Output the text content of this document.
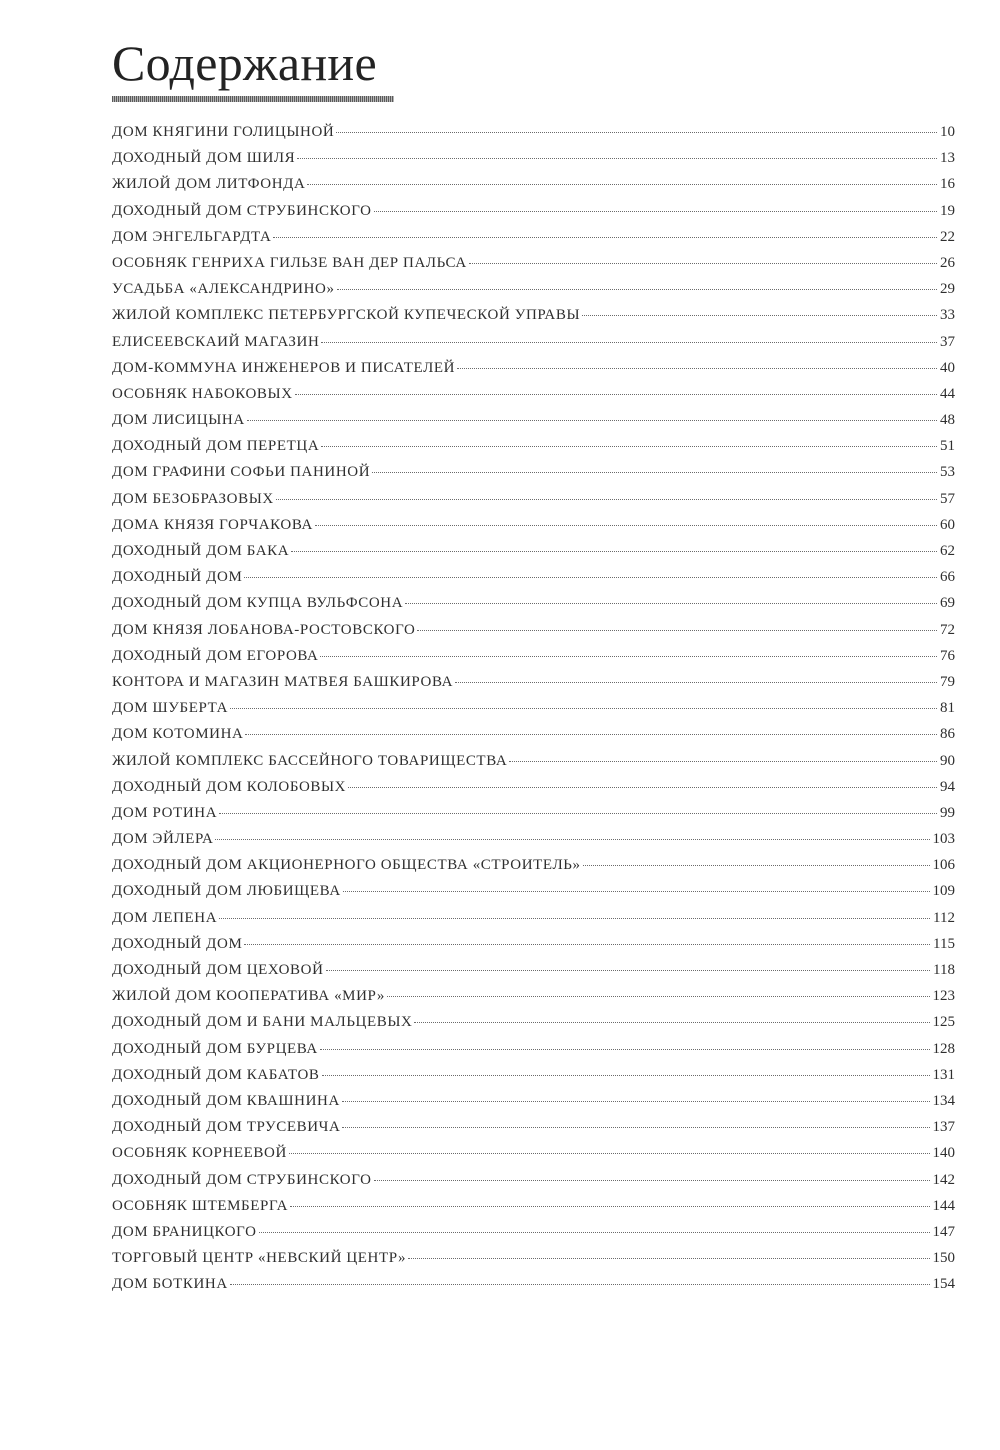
Содержание
ДОМ КНЯГИНИ ГОЛИЦЫНОЙ	10
ДОХОДНЫЙ ДОМ ШИЛЯ	13
ЖИЛОЙ ДОМ ЛИТФОНДА	16
ДОХОДНЫЙ ДОМ СТРУБИНСКОГО	19
ДОМ ЭНГЕЛЬГАРДТА	22
ОСОБНЯК ГЕНРИХА ГИЛЬЗЕ ВАН ДЕР ПАЛЬСА	26
УСАДЬБА «АЛЕКСАНДРИНО»	29
ЖИЛОЙ КОМПЛЕКС ПЕТЕРБУРГСКОЙ КУПЕЧЕСКОЙ УПРАВЫ	33
ЕЛИСЕЕВСКАИЙ МАГАЗИН	37
ДОМ-КОММУНА ИНЖЕНЕРОВ И ПИСАТЕЛЕЙ	40
ОСОБНЯК НАБОКОВЫХ	44
ДОМ ЛИСИЦЫНА	48
ДОХОДНЫЙ ДОМ ПЕРЕТЦА	51
ДОМ ГРАФИНИ СОФЬИ ПАНИНОЙ	53
ДОМ БЕЗОБРАЗОВЫХ	57
ДОМА КНЯЗЯ ГОРЧАКОВА	60
ДОХОДНЫЙ ДОМ БАКА	62
ДОХОДНЫЙ ДОМ	66
ДОХОДНЫЙ ДОМ КУПЦА ВУЛЬФСОНА	69
ДОМ КНЯЗЯ ЛОБАНОВА-РОСТОВСКОГО	72
ДОХОДНЫЙ ДОМ ЕГОРОВА	76
КОНТОРА И МАГАЗИН МАТВЕЯ БАШКИРОВА	79
ДОМ ШУБЕРТА	81
ДОМ КОТОМИНА	86
ЖИЛОЙ КОМПЛЕКС БАССЕЙНОГО ТОВАРИЩЕСТВА	90
ДОХОДНЫЙ ДОМ КОЛОБОВЫХ	94
ДОМ РОТИНА	99
ДОМ ЭЙЛЕРА	103
ДОХОДНЫЙ ДОМ АКЦИОНЕРНОГО ОБЩЕСТВА «СТРОИТЕЛЬ»	106
ДОХОДНЫЙ ДОМ ЛЮБИЩЕВА	109
ДОМ ЛЕПЕНА	112
ДОХОДНЫЙ ДОМ	115
ДОХОДНЫЙ ДОМ ЦЕХОВОЙ	118
ЖИЛОЙ ДОМ КООПЕРАТИВА «МИР»	123
ДОХОДНЫЙ ДОМ И БАНИ МАЛЬЦЕВЫХ	125
ДОХОДНЫЙ ДОМ БУРЦЕВА	128
ДОХОДНЫЙ ДОМ КАБАТОВ	131
ДОХОДНЫЙ ДОМ КВАШНИНА	134
ДОХОДНЫЙ ДОМ ТРУСЕВИЧА	137
ОСОБНЯК КОРНЕЕВОЙ	140
ДОХОДНЫЙ ДОМ СТРУБИНСКОГО	142
ОСОБНЯК ШТЕМБЕРГА	144
ДОМ БРАНИЦКОГО	147
ТОРГОВЫЙ ЦЕНТР «НЕВСКИЙ ЦЕНТР»	150
ДОМ БОТКИНА	154
